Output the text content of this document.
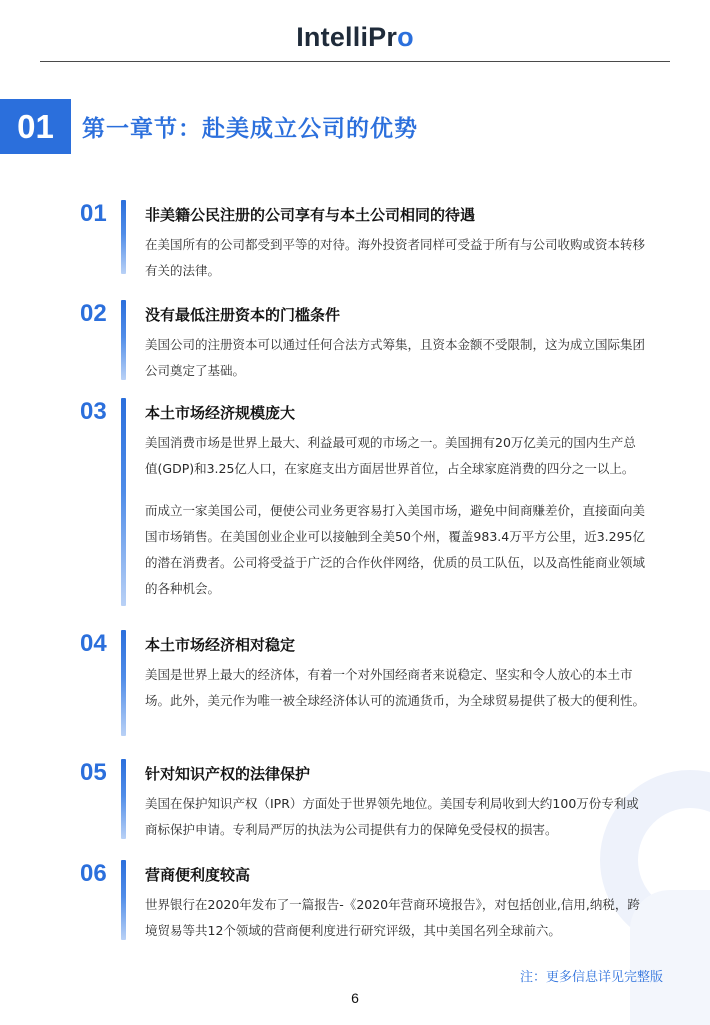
IntelliPro
01	第一章节：赴美成立公司的优势
01	非美籍公民注册的公司享有与本土公司相同的待遇

在美国所有的公司都受到平等的对待。海外投资者同样可受益于所有与公司收购或资本转移有关的法律。

02	没有最低注册资本的门槛条件

美国公司的注册资本可以通过任何合法方式筹集，且资本金额不受限制，这为成立国际集团公司奠定了基础。

03	本土市场经济规模庞大

美国消费市场是世界上最大、利益最可观的市场之一。美国拥有20万亿美元的国内生产总值(GDP)和3.25亿人口，在家庭支出方面居世界首位，占全球家庭消费的四分之一以上。

而成立一家美国公司，便使公司业务更容易打入美国市场，避免中间商赚差价，直接面向美国市场销售。在美国创业企业可以接触到全美50个州，覆盖983.4万平方公里，近3.295亿的潜在消费者。公司将受益于广泛的合作伙伴网络，优质的员工队伍，以及高性能商业领域的各种机会。

04	本土市场经济相对稳定

美国是世界上最大的经济体，有着一个对外国经商者来说稳定、坚实和令人放心的本土市场。此外，美元作为唯一被全球经济体认可的流通货币，为全球贸易提供了极大的便利性。

05	针对知识产权的法律保护

美国在保护知识产权（IPR）方面处于世界领先地位。美国专利局收到大约100万份专利或商标保护申请。专利局严厉的执法为公司提供有力的保障免受侵权的损害。

06	营商便利度较高

世界银行在2020年发布了一篇报告-《2020年营商环境报告》，对包括创业,信用,纳税，跨境贸易等共12个领域的营商便利度进行研究评级，其中美国名列全球前六。

注：更多信息详见完整版
6
